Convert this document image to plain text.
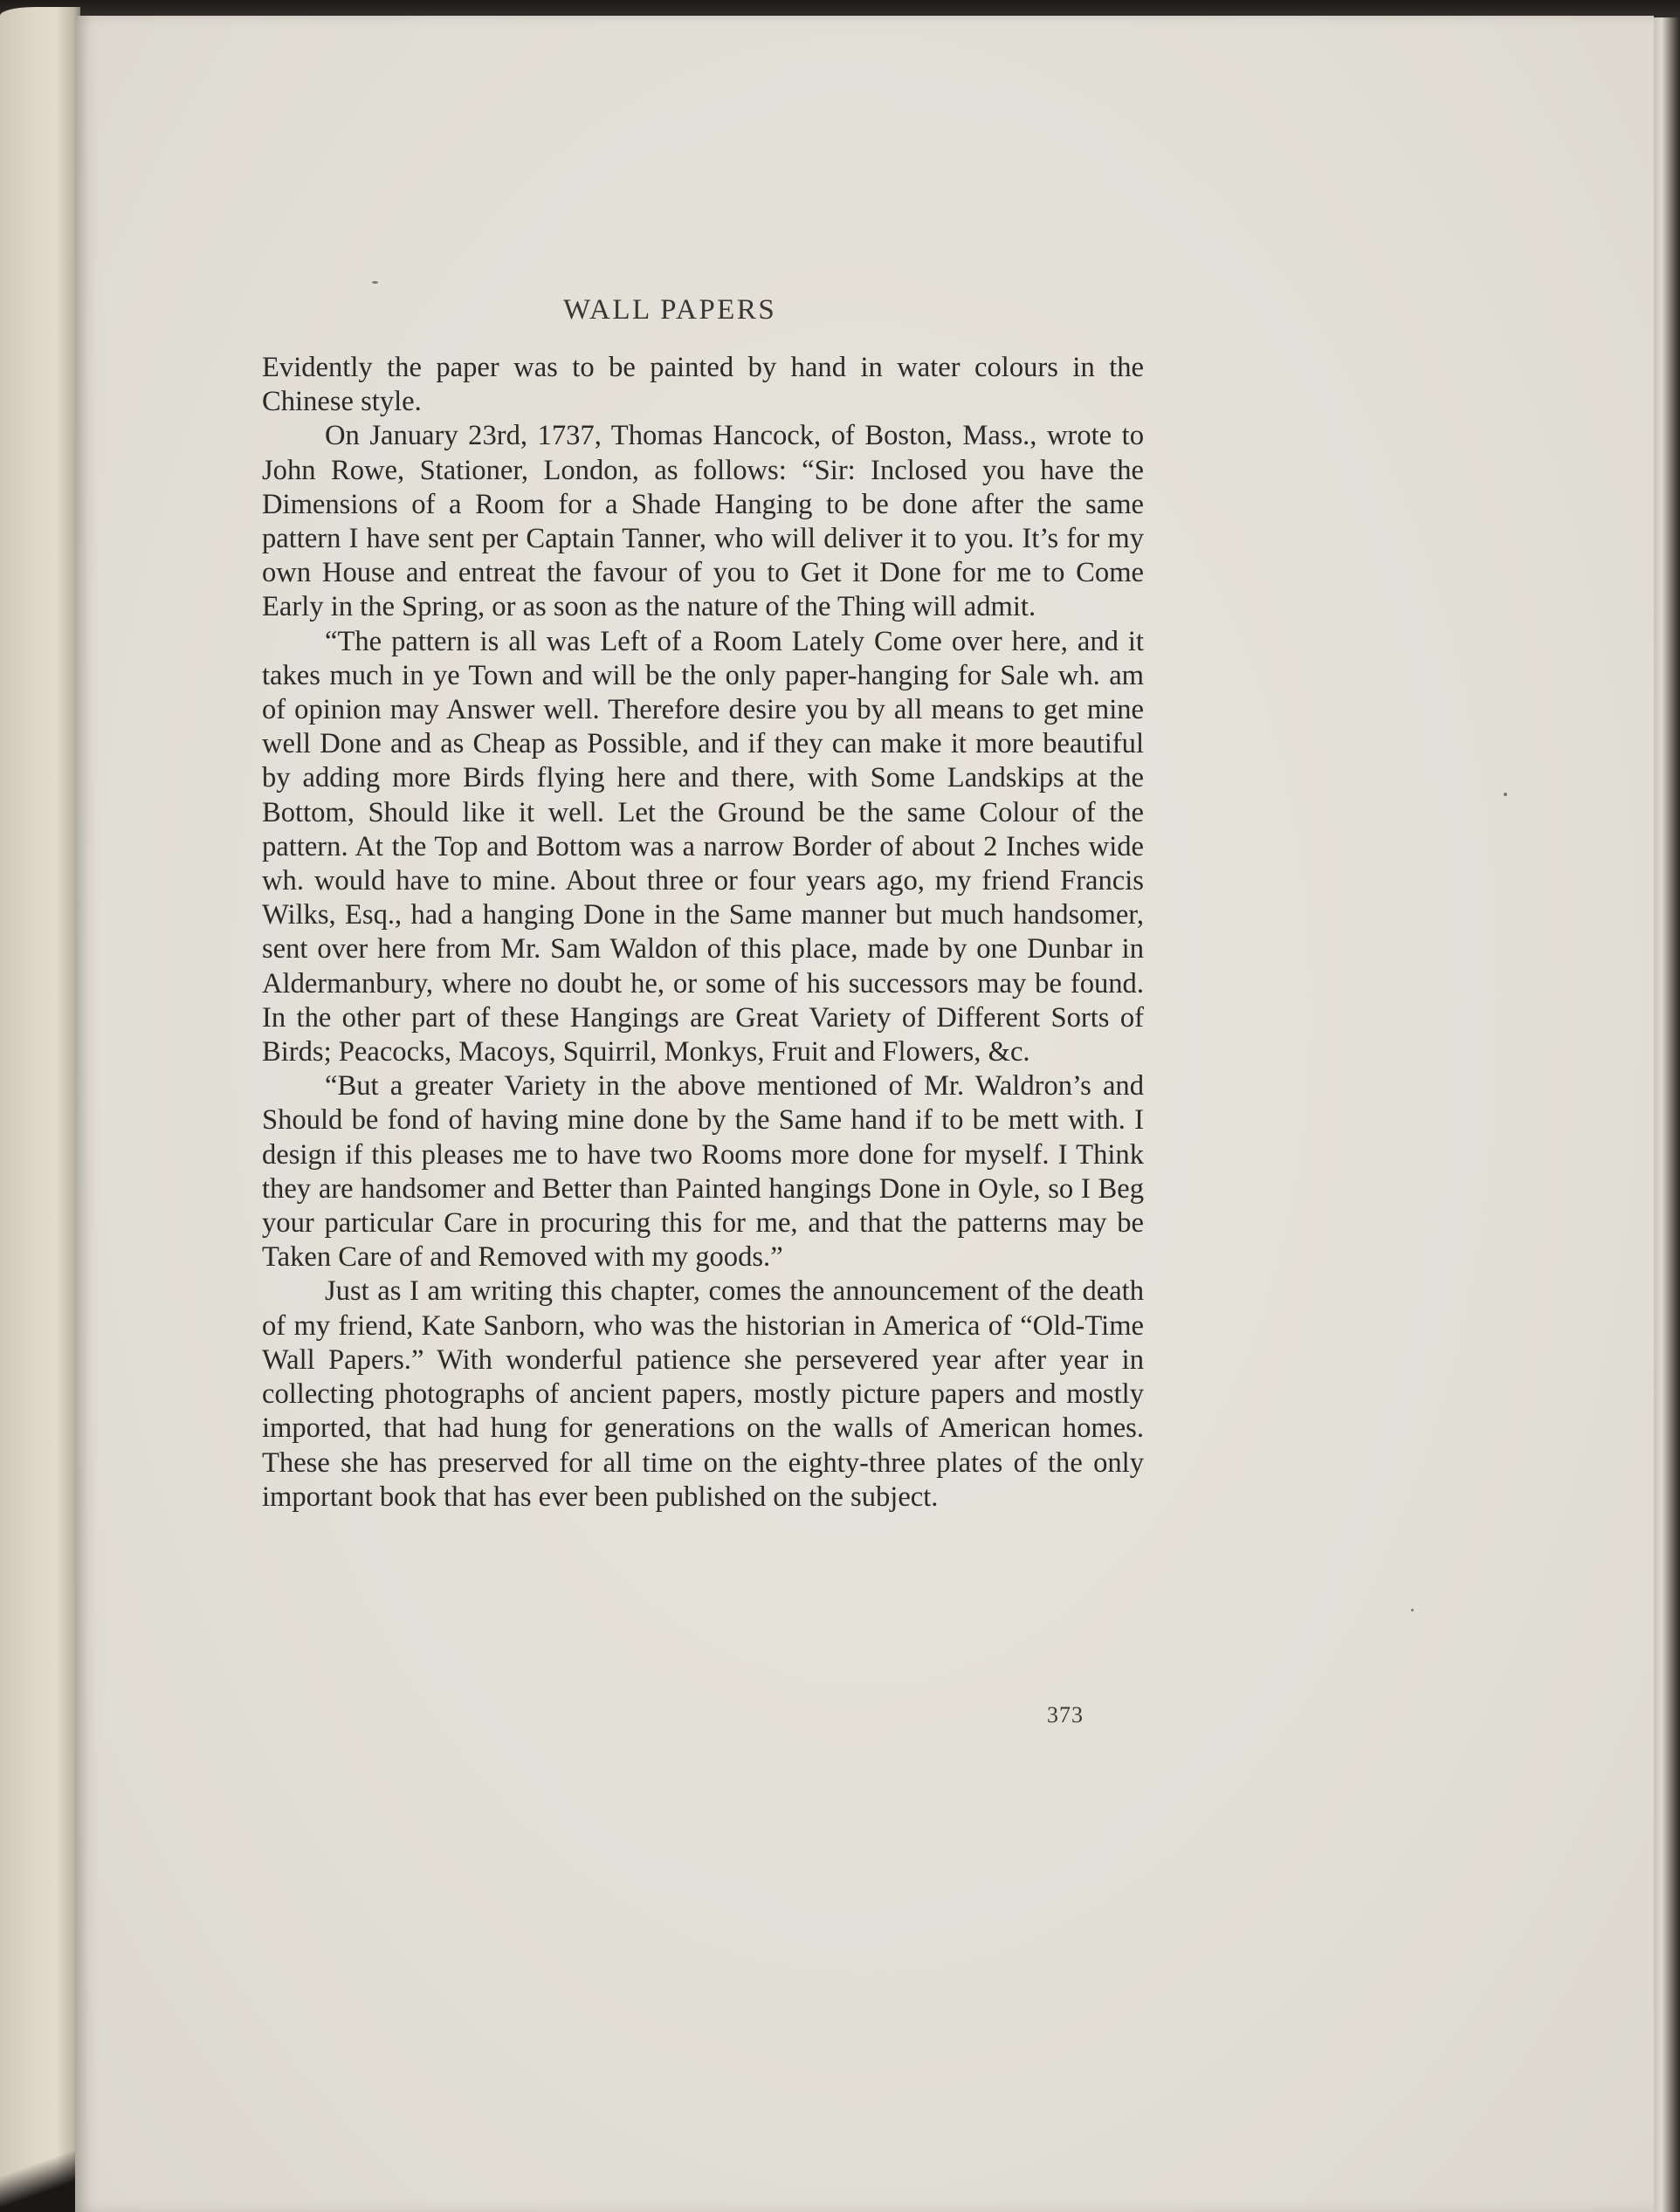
WALL PAPERS

Evidently the paper was to be painted by hand in water colours in the Chinese style.

On January 23rd, 1737, Thomas Hancock, of Boston, Mass., wrote to John Rowe, Stationer, London, as follows: “Sir: Inclosed you have the Dimensions of a Room for a Shade Hanging to be done after the same pattern I have sent per Captain Tanner, who will deliver it to you. It’s for my own House and entreat the favour of you to Get it Done for me to Come Early in the Spring, or as soon as the nature of the Thing will admit.

“The pattern is all was Left of a Room Lately Come over here, and it takes much in ye Town and will be the only paper-hanging for Sale wh. am of opinion may Answer well. Therefore desire you by all means to get mine well Done and as Cheap as Possible, and if they can make it more beautiful by adding more Birds flying here and there, with Some Landskips at the Bottom, Should like it well. Let the Ground be the same Colour of the pattern. At the Top and Bottom was a narrow Border of about 2 Inches wide wh. would have to mine. About three or four years ago, my friend Francis Wilks, Esq., had a hanging Done in the Same manner but much handsomer, sent over here from Mr. Sam Waldon of this place, made by one Dunbar in Aldermanbury, where no doubt he, or some of his successors may be found. In the other part of these Hangings are Great Variety of Different Sorts of Birds; Peacocks, Macoys, Squirril, Monkys, Fruit and Flowers, &c.

“But a greater Variety in the above mentioned of Mr. Waldron’s and Should be fond of having mine done by the Same hand if to be mett with. I design if this pleases me to have two Rooms more done for myself. I Think they are handsomer and Better than Painted hangings Done in Oyle, so I Beg your particular Care in procuring this for me, and that the patterns may be Taken Care of and Removed with my goods.”

Just as I am writing this chapter, comes the announcement of the death of my friend, Kate Sanborn, who was the historian in America of “Old-Time Wall Papers.” With wonderful patience she persevered year after year in collecting photographs of ancient papers, mostly picture papers and mostly imported, that had hung for generations on the walls of American homes. These she has preserved for all time on the eighty-three plates of the only important book that has ever been published on the subject.

373
